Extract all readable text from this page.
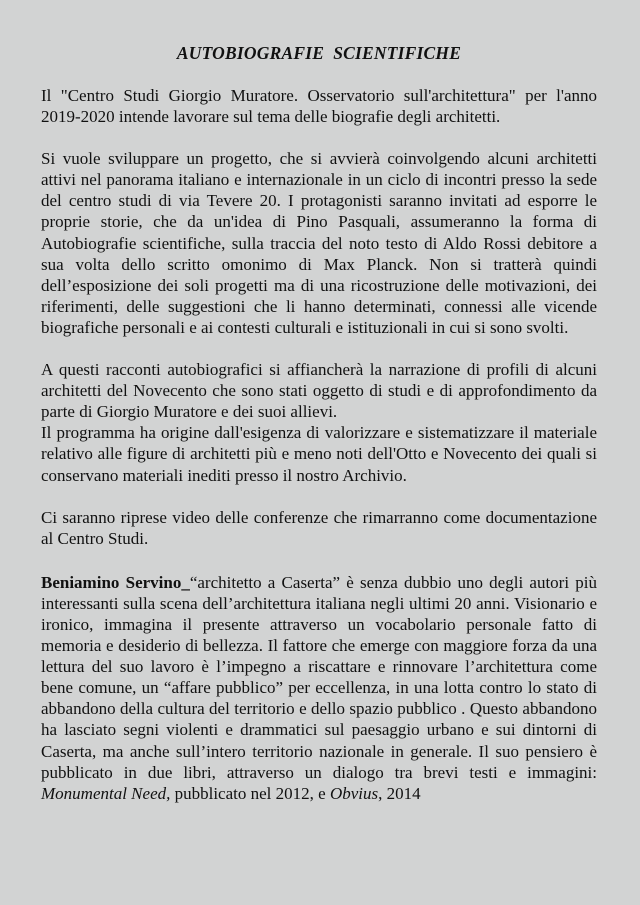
AUTOBIOGRAFIE  SCIENTIFICHE

Il "Centro Studi Giorgio Muratore. Osservatorio sull'architettura" per l'anno 2019-2020 intende lavorare sul tema delle biografie degli architetti.

Si vuole sviluppare un progetto, che si avvierà coinvolgendo alcuni architetti attivi nel panorama italiano e internazionale in un ciclo di incontri presso la sede del centro studi di via Tevere 20. I protagonisti saranno invitati ad esporre le proprie storie, che da un'idea di Pino Pasquali, assumeranno la forma di Autobiografie scientifiche, sulla traccia del noto testo di Aldo Rossi debitore a sua volta dello scritto omonimo di Max Planck. Non si tratterà quindi dell’esposizione dei soli progetti ma di una ricostruzione delle motivazioni, dei riferimenti, delle suggestioni che li hanno determinati, connessi alle vicende biografiche personali e ai contesti culturali e istituzionali in cui si sono svolti.

A questi racconti autobiografici si affiancherà la narrazione di profili di alcuni architetti del Novecento che sono stati oggetto di studi e di approfondimento da parte di Giorgio Muratore e dei suoi allievi.

Il programma ha origine dall'esigenza di valorizzare e sistematizzare il materiale relativo alle figure di architetti più e meno noti dell'Otto e Novecento dei quali si conservano materiali inediti presso il nostro Archivio.

Ci saranno riprese video delle conferenze che rimarranno come documentazione al Centro Studi.

Beniamino Servino_“architetto a Caserta” è senza dubbio uno degli autori più interessanti sulla scena dell’architettura italiana negli ultimi 20 anni. Visionario e ironico, immagina il presente attraverso un vocabolario personale fatto di memoria e desiderio di bellezza. Il fattore che emerge con maggiore forza da una lettura del suo lavoro è l’impegno a riscattare e rinnovare l’architettura come bene comune, un “affare pubblico” per eccellenza, in una lotta contro lo stato di abbandono della cultura del territorio e dello spazio pubblico . Questo abbandono ha lasciato segni violenti e drammatici sul paesaggio urbano e sui dintorni di Caserta, ma anche sull’intero territorio nazionale in generale. Il suo pensiero è pubblicato in due libri, attraverso un dialogo tra brevi testi e immagini: Monumental Need, pubblicato nel 2012, e Obvius, 2014
